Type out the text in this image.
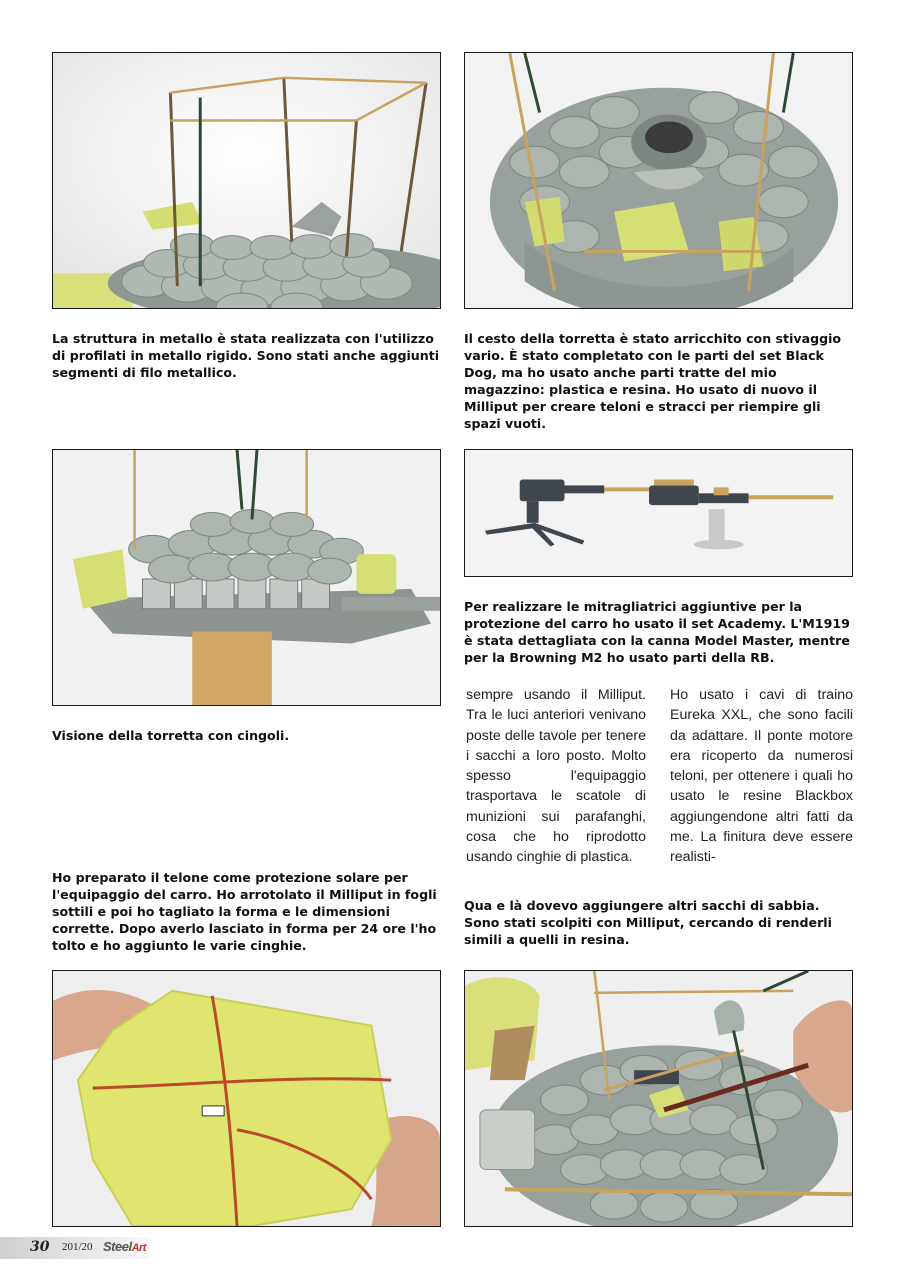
La struttura in metallo è stata realizzata con l'utilizzo di profilati in metallo rigido. Sono stati anche aggiunti segmenti di filo metallico.

Il cesto della torretta è stato arricchito con stivaggio vario. È stato completato con le parti del set Black Dog, ma ho usato anche parti tratte del mio magazzino: plastica e resina. Ho usato di nuovo il Milliput per creare teloni e stracci per riempire gli spazi vuoti.

Per realizzare le mitragliatrici aggiuntive per la protezione del carro ho usato il set Academy. L'M1919 è stata dettagliata con la canna Model Master, mentre per la Browning M2 ho usato parti della RB.

Visione della torretta con cingoli.

sempre usando il Milliput. Tra le luci anteriori venivano poste delle tavole per tenere i sacchi a loro posto. Molto spesso l'equipaggio trasportava le scatole di munizioni sui parafanghi, cosa che ho riprodotto usando cinghie di plastica.

Ho usato i cavi di traino Eureka XXL, che sono facili da adattare. Il ponte motore era ricoperto da numerosi teloni, per ottenere i quali ho usato le resine Blackbox aggiungendone altri fatti da me. La finitura deve essere realisti-

Ho preparato il telone come protezione solare per l'equipaggio del carro. Ho arrotolato il Milliput in fogli sottili e poi ho tagliato la forma e le dimensioni corrette. Dopo averlo lasciato in forma per 24 ore l'ho tolto e ho aggiunto le varie cinghie.

Qua e là dovevo aggiungere altri sacchi di sabbia. Sono stati scolpiti con Milliput, cercando di renderli simili a quelli in resina.

30 201/20 SteelArt
